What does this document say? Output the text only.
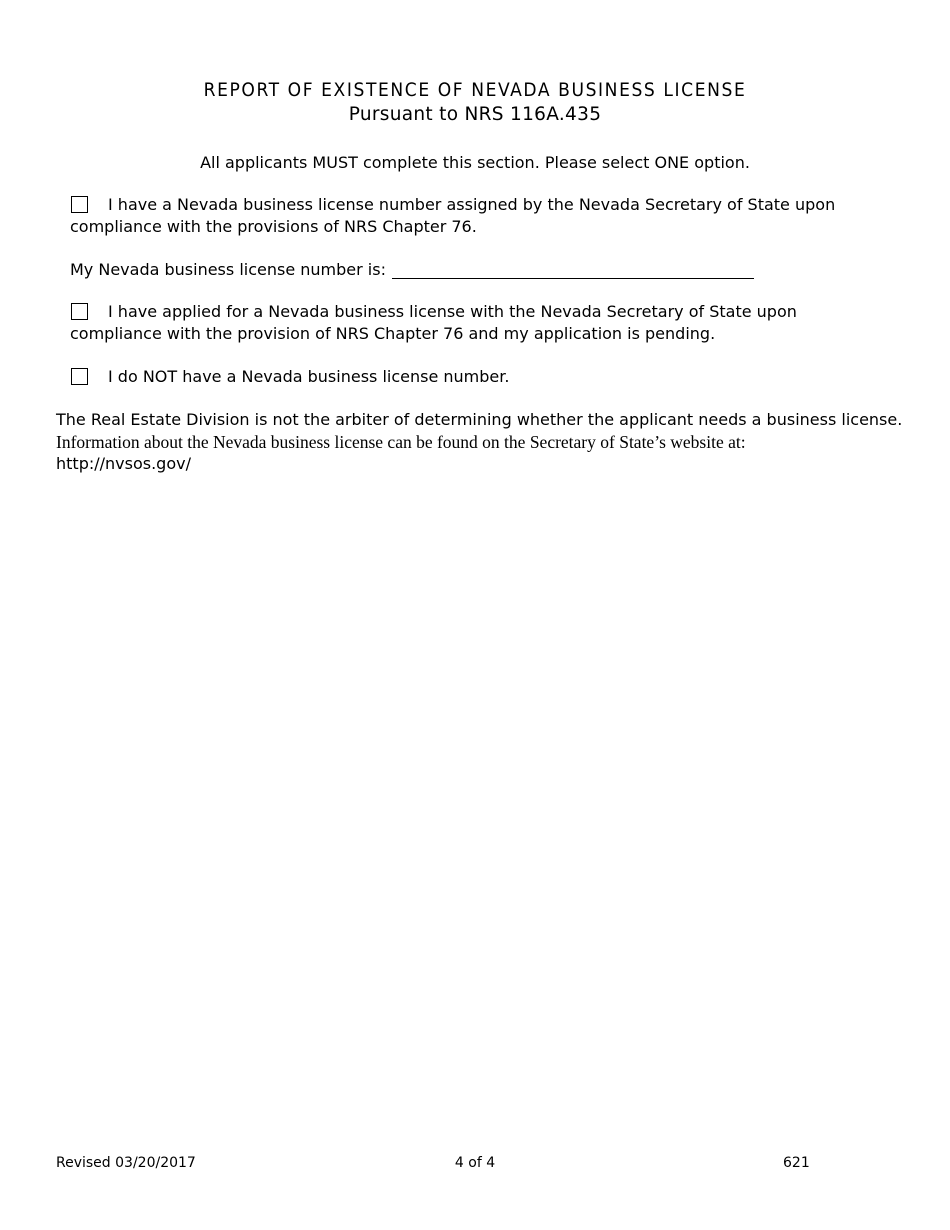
REPORT OF EXISTENCE OF NEVADA BUSINESS LICENSE
Pursuant to NRS 116A.435
All applicants MUST complete this section. Please select ONE option.
I have a Nevada business license number assigned by the Nevada Secretary of State upon compliance with the provisions of NRS Chapter 76.
My Nevada business license number is:
I have applied for a Nevada business license with the Nevada Secretary of State upon compliance with the provision of NRS Chapter 76 and my application is pending.
I do NOT have a Nevada business license number.
The Real Estate Division is not the arbiter of determining whether the applicant needs a business license.
Information about the Nevada business license can be found on the Secretary of State’s website at:
http://nvsos.gov/
Revised 03/20/2017	4 of 4	621
